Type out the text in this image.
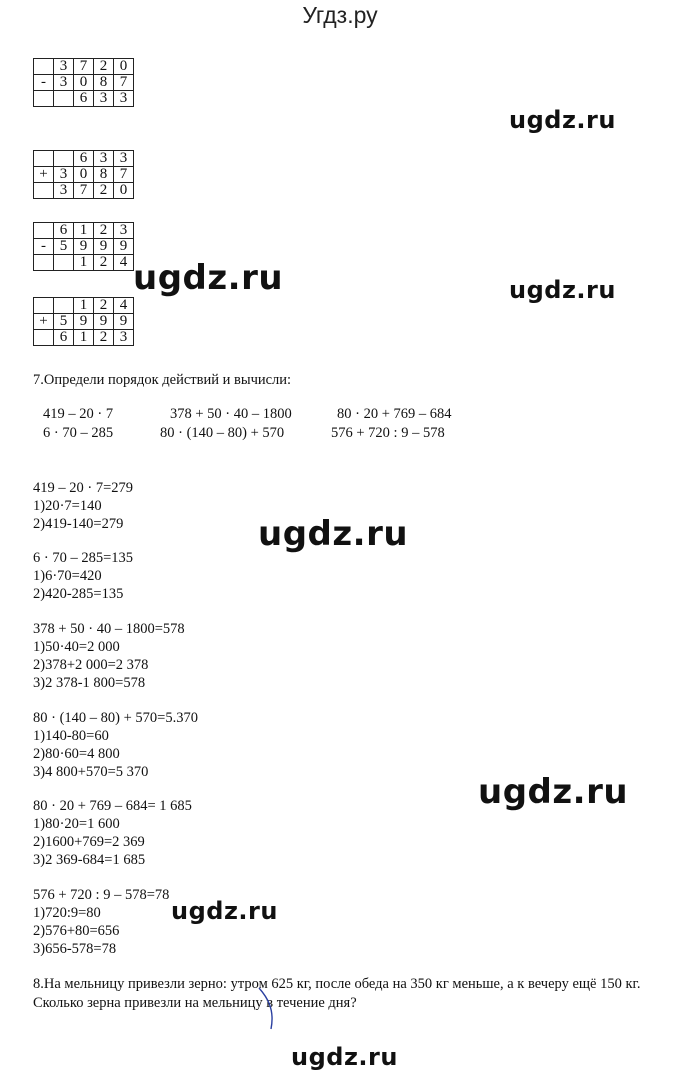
Угдз.ру
	3	7	2	0
-	3	0	8	7
		6	3	3
		6	3	3
+	3	0	8	7
	3	7	2	0
	6	1	2	3
-	5	9	9	9
		1	2	4
		1	2	4
+	5	9	9	9
	6	1	2	3
ugdz.ru
ugdz.ru	ugdz.ru
ugdz.ru
ugdz.ru
ugdz.ru
ugdz.ru
7.Определи порядок действий и вычисли:
419 – 20 · 7	378 + 50 · 40 – 1800	80 · 20 + 769 – 684
6 · 70 – 285	80 · (140 – 80) + 570	576 + 720 : 9 – 578
419 – 20 · 7=279
1)20·7=140
2)419-140=279
6 · 70 – 285=135
1)6·70=420
2)420-285=135
378 + 50 · 40 – 1800=578
1)50·40=2 000
2)378+2 000=2 378
3)2 378-1 800=578
80 · (140 – 80) + 570=5.370
1)140-80=60
2)80·60=4 800
3)4 800+570=5 370
80 · 20 + 769 – 684= 1 685
1)80·20=1 600
2)1600+769=2 369
3)2 369-684=1 685
576 + 720 : 9 – 578=78
1)720:9=80
2)576+80=656
3)656-578=78
8.На мельницу привезли зерно: утром 625 кг, после обеда на 350 кг меньше, а к вечеру ещё 150 кг. Сколько зерна привезли на мельницу в течение дня?
